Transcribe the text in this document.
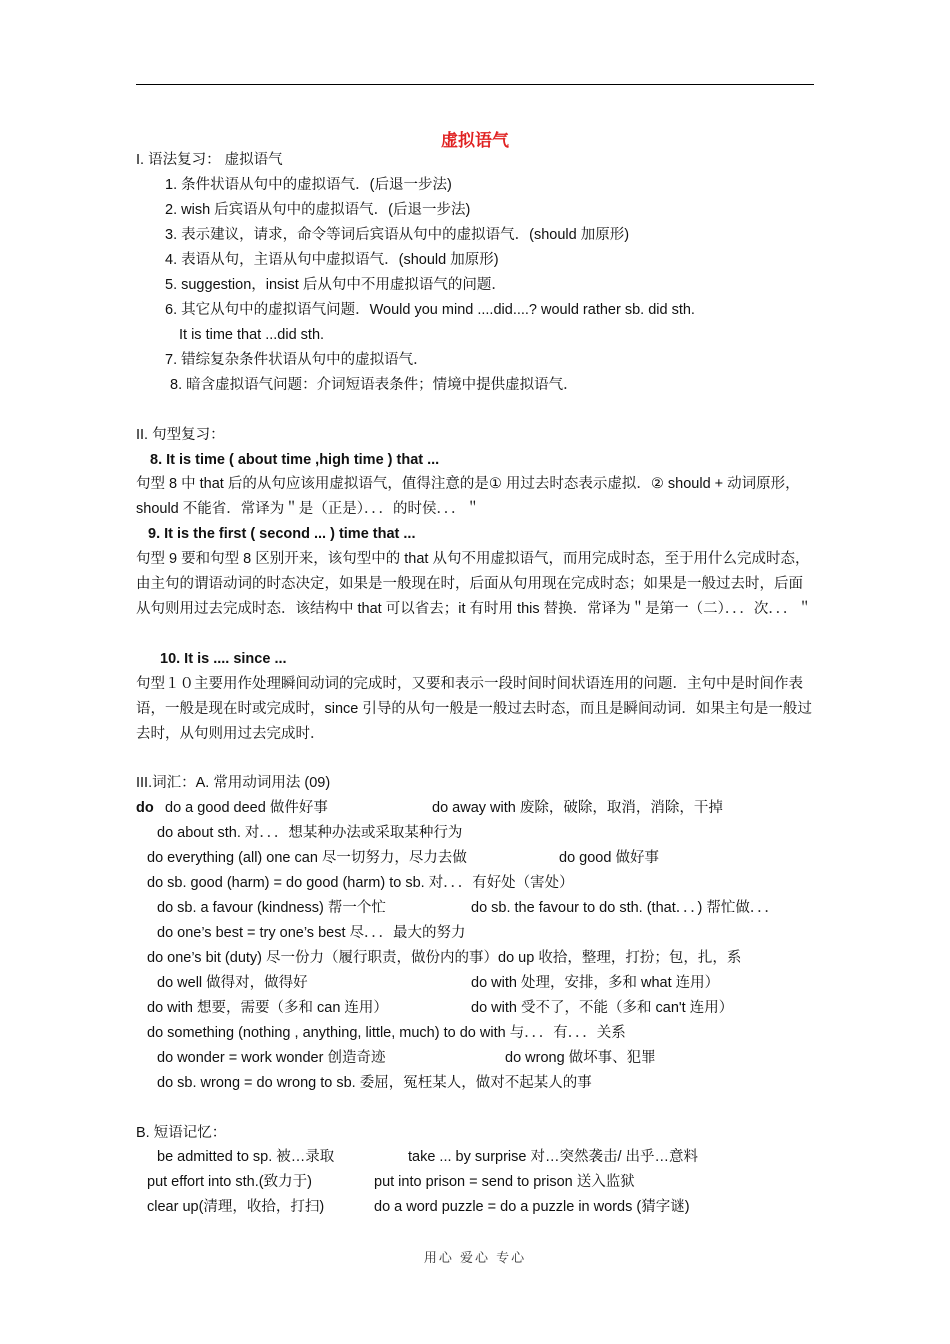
虚拟语气
I. 语法复习： 虚拟语气
1. 条件状语从句中的虚拟语气．(后退一步法)
2. wish 后宾语从句中的虚拟语气．(后退一步法)
3. 表示建议，请求，命令等词后宾语从句中的虚拟语气．(should 加原形)
4. 表语从句，主语从句中虚拟语气．(should 加原形)
5. suggestion，insist 后从句中不用虚拟语气的问题．
6. 其它从句中的虚拟语气问题．Would you mind ....did....? would rather sb. did sth.
It is time that ...did sth.
7. 错综复杂条件状语从句中的虚拟语气．
8. 暗含虚拟语气问题：介词短语表条件；情境中提供虚拟语气．
II. 句型复习：
8. It is time ( about time ,high time ) that ...
句型 8 中 that 后的从句应该用虚拟语气，值得注意的是① 用过去时态表示虚拟．② should + 动词原形，should 不能省．常译为＂是（正是）．．．的时侯．．．＂
9. It is the first ( second ... ) time that ...
句型 9 要和句型 8 区别开来，该句型中的 that 从句不用虚拟语气，而用完成时态，至于用什么完成时态，由主句的谓语动词的时态决定，如果是一般现在时，后面从句用现在完成时态；如果是一般过去时，后面从句则用过去完成时态．该结构中 that 可以省去；it 有时用 this 替换．常译为＂是第一（二）．．．次．．．＂
10. It is .... since ...
句型１０主要用作处理瞬间动词的完成时，又要和表示一段时间时间状语连用的问题．主句中是时间作表语，一般是现在时或完成时，since 引导的从句一般是一般过去时态，而且是瞬间动词．如果主句是一般过去时，从句则用过去完成时．
III.词汇：A. 常用动词用法 (09)
do do a good deed 做件好事	do away with 废除，破除，取消，消除，干掉
do about sth. 对．．．想某种办法或采取某种行为
do everything (all) one can 尽一切努力，尽力去做	do good 做好事
do sb. good (harm) = do good (harm) to sb. 对．．．有好处（害处）
do sb. a favour (kindness) 帮一个忙	do sb. the favour to do sth. (that．．．) 帮忙做．．．
do one’s best = try one’s best 尽．．．最大的努力
do one’s bit (duty) 尽一份力（履行职责，做份内的事）do up 收拾，整理，打扮；包，扎，系
do well 做得对，做得好	do with 处理，安排，多和 what 连用）
do with 想要，需要（多和 can 连用）	do with 受不了，不能（多和 can't 连用）
do something (nothing , anything, little, much) to do with 与．．．有．．．关系
do wonder = work wonder 创造奇迹	do wrong 做坏事、犯罪
do sb. wrong = do wrong to sb. 委屈，冤枉某人，做对不起某人的事
B. 短语记忆：
be admitted to sp. 被…录取	take ... by surprise 对…突然袭击/ 出乎…意料
put effort into sth.(致力于)	put into prison = send to prison 送入监狱
clear up(清理，收拾，打扫)	do a word puzzle = do a puzzle in words (猜字谜)
用心 爱心 专心
